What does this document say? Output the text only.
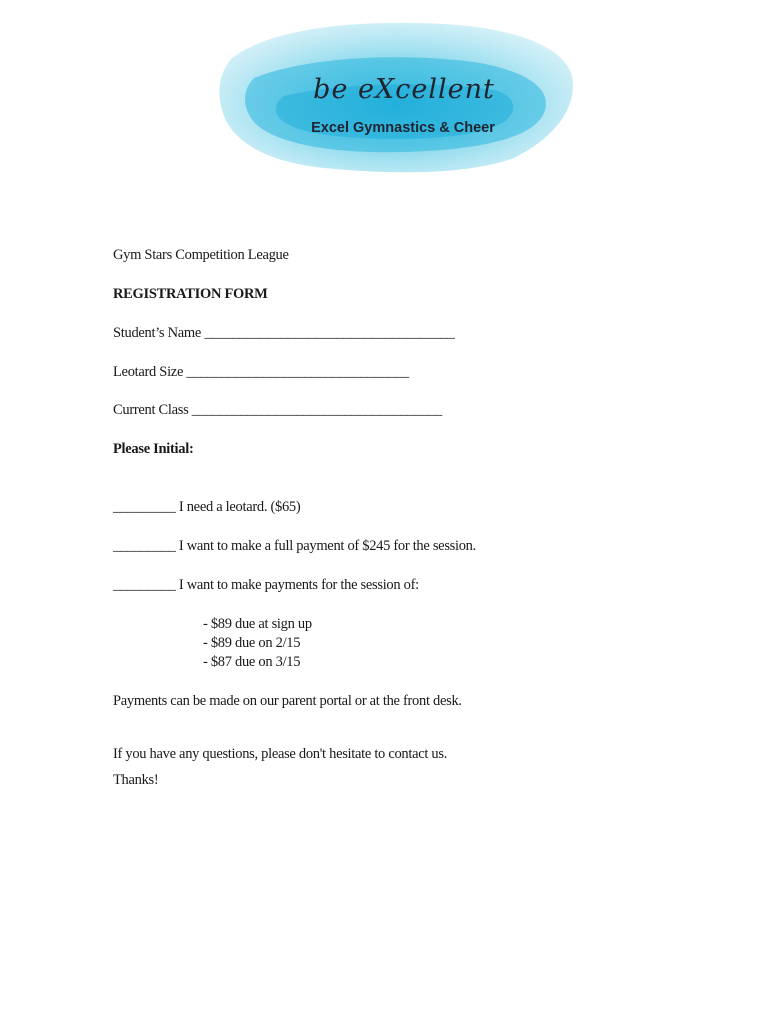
be eXcellent
Excel Gymnastics & Cheer
Gym Stars Competition League
REGISTRATION FORM
Student’s Name ____________________________________
Leotard Size ________________________________
Current Class ____________________________________
Please Initial:
_________ I need a leotard. ($65)
_________ I want to make a full payment of $245 for the session.
_________ I want to make payments for the session of:
- $89 due at sign up
- $89 due on 2/15
- $87 due on 3/15
Payments can be made on our parent portal or at the front desk.
If you have any questions, please don't hesitate to contact us.
Thanks!
